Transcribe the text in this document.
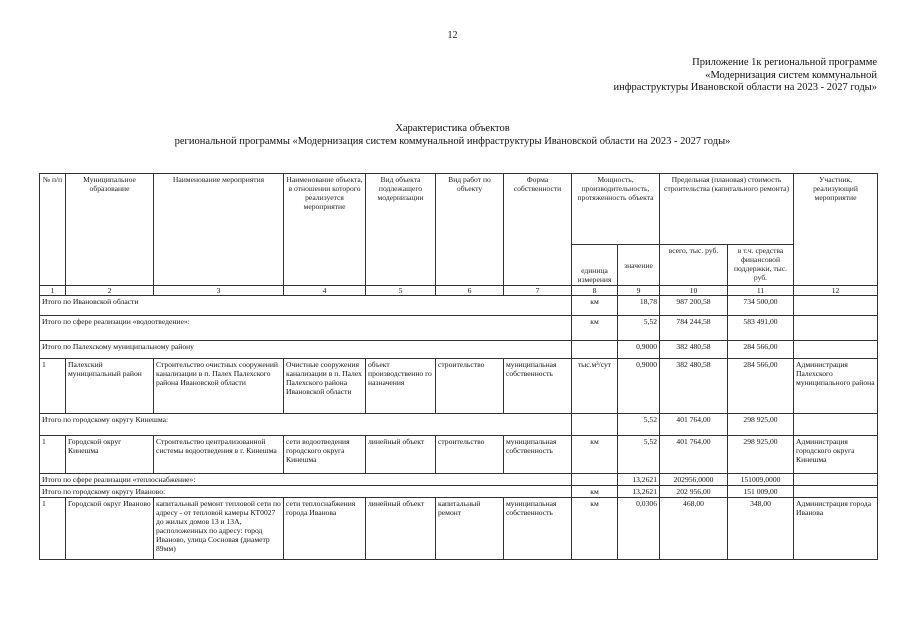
12
Приложение 1к региональной программе
«Модернизация систем коммунальной
инфраструктуры Ивановской области на 2023 - 2027 годы»
Характеристика объектов
региональной программы «Модернизация систем коммунальной инфраструктуры Ивановской области на 2023 - 2027 годы»
№ п/п	Муниципальное образование	Наименование мероприятия	Наименование объекта, в отношении которого реализуется мероприятие	Вид объекта подлежащего модернизации	Вид работ по объекту	Форма собственности	Мощность, производительность, протяженность объекта		Предельная (плановая) стоимость строительства (капитального ремонта)		Участник, реализующий мероприятие
							единица измерения	значение	всего, тыс. руб.	в т.ч. средства финансовой поддержки, тыс. руб.	
1	2	3	4	5	6	7	8	9	10	11	12
Итого по Ивановской области							км	18,78	987 200,58	734 500,00	
Итого по сфере реализации «водоотведение»:							км	5,52	784 244,58	583 491,00	
Итого по Палехскому муниципальному району								0,9000	382 480,58	284 566,00	
1	Палехский муниципальный район	Строительство очистных сооружений канализации в п. Палех Палехского района Ивановской области	Очистные сооружения канализации в п. Палех Палехского района Ивановской области	объект производственно го назначения	строительство	муниципальная собственность	тыс.м³/сут	0,9000	382 480,58	284 566,00	Администрация Палехского муниципального района
Итого по городскому округу Кинешма:								5,52	401 764,00	298 925,00	
1	Городской округ Кинешма	Строительство централизованной системы водоотведения в г. Кинешма	сети водоотведения городского округа Кинешма	линейный объект	строительство	муниципальная собственность	км	5,52	401 764,00	298 925,00	Администрация городского округа Кинешма
Итого по сфере реализации «теплоснабжение»:								13,2621	202956,0000	151009,0000	
Итого по городскому округу Иваново:							км	13,2621	202 956,00	151 009,00	
1	Городской округ Иваново	капитальный ремонт тепловой сети по адресу - от тепловой камеры КТ0027 до жилых домов 13 и 13А, расположенных по адресу: город Иваново, улица Сосновая (диаметр 89мм)	сети теплоснабжения города Иванова	линейный объект	капитальный ремонт	муниципальная собственность	км	0,0306	468,00	348,00	Администрация города Иванова
